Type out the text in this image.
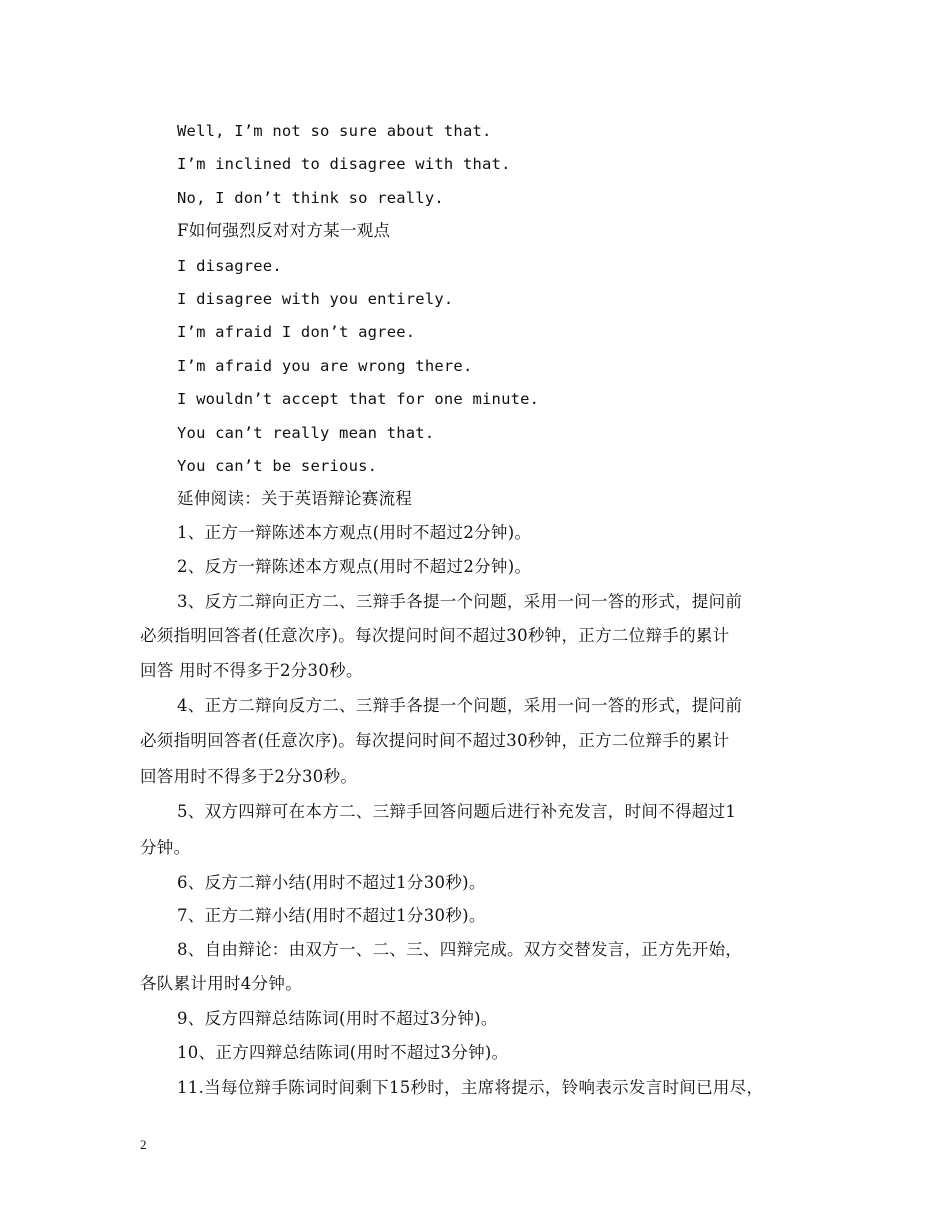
Well, I’m not so sure about that.
I’m inclined to disagree with that.
No, I don’t think so really.
F如何强烈反对对方某一观点
I disagree.
I disagree with you entirely.
I’m afraid I don’t agree.
I’m afraid you are wrong there.
I wouldn’t accept that for one minute.
You can’t really mean that.
You can’t be serious.
延伸阅读：关于英语辩论赛流程
1、正方一辩陈述本方观点(用时不超过2分钟)。
2、反方一辩陈述本方观点(用时不超过2分钟)。
3、反方二辩向正方二、三辩手各提一个问题，采用一问一答的形式，提问前
必须指明回答者(任意次序)。每次提问时间不超过30秒钟，正方二位辩手的累计
回答 用时不得多于2分30秒。
4、正方二辩向反方二、三辩手各提一个问题，采用一问一答的形式，提问前
必须指明回答者(任意次序)。每次提问时间不超过30秒钟，正方二位辩手的累计
回答用时不得多于2分30秒。
5、双方四辩可在本方二、三辩手回答问题后进行补充发言，时间不得超过1
分钟。
6、反方二辩小结(用时不超过1分30秒)。
7、正方二辩小结(用时不超过1分30秒)。
8、自由辩论：由双方一、二、三、四辩完成。双方交替发言，正方先开始，
各队累计用时4分钟。
9、反方四辩总结陈词(用时不超过3分钟)。
10、正方四辩总结陈词(用时不超过3分钟)。
11.当每位辩手陈词时间剩下15秒时，主席将提示，铃响表示发言时间已用尽，
2
